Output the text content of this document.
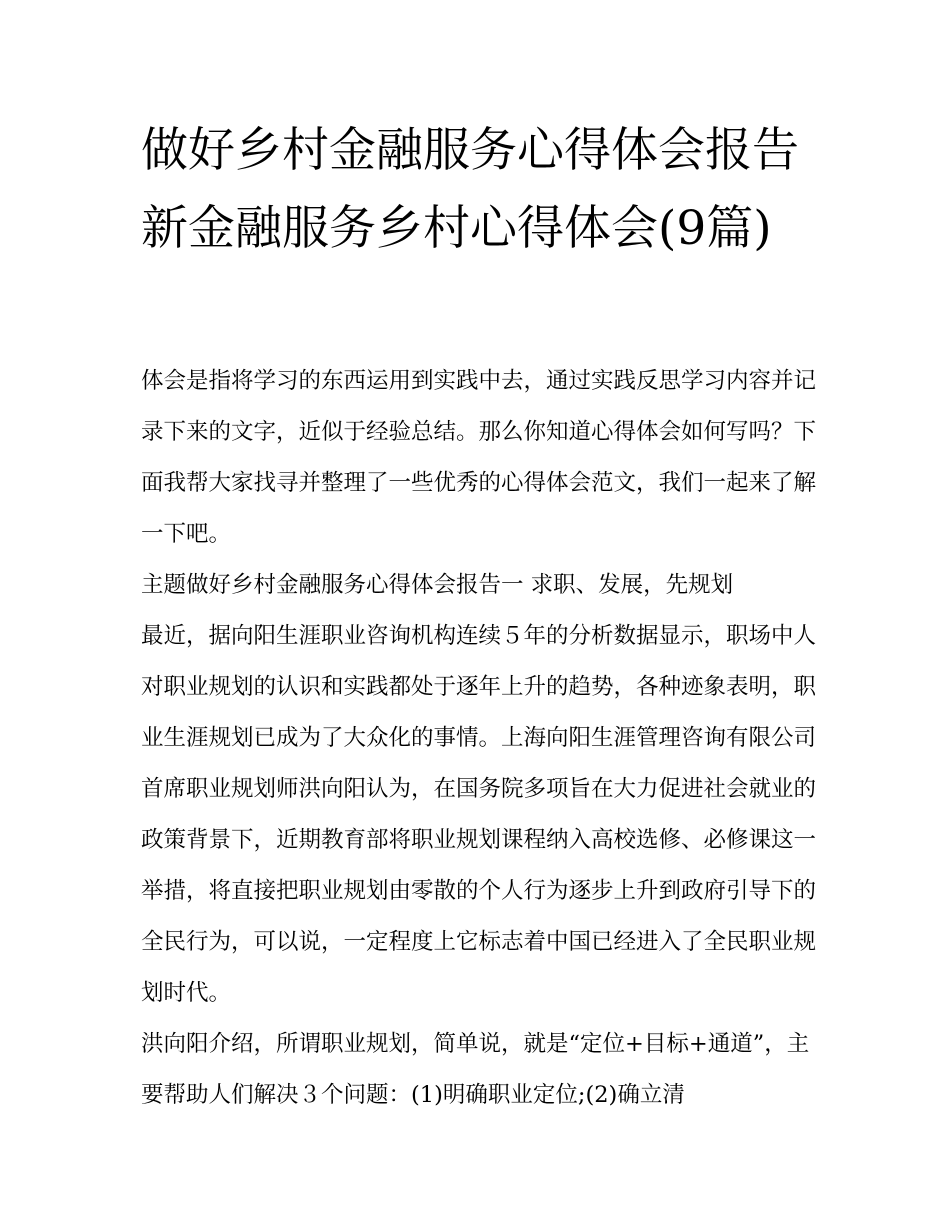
做好乡村金融服务心得体会报告 新金融服务乡村心得体会(9篇)

体会是指将学习的东西运用到实践中去，通过实践反思学习内容并记录下来的文字，近似于经验总结。那么你知道心得体会如何写吗？下面我帮大家找寻并整理了一些优秀的心得体会范文，我们一起来了解一下吧。

主题做好乡村金融服务心得体会报告一 求职、发展，先规划

最近，据向阳生涯职业咨询机构连续５年的分析数据显示，职场中人对职业规划的认识和实践都处于逐年上升的趋势，各种迹象表明，职业生涯规划已成为了大众化的事情。上海向阳生涯管理咨询有限公司首席职业规划师洪向阳认为，在国务院多项旨在大力促进社会就业的政策背景下，近期教育部将职业规划课程纳入高校选修、必修课这一举措，将直接把职业规划由零散的个人行为逐步上升到政府引导下的全民行为，可以说，一定程度上它标志着中国已经进入了全民职业规划时代。

洪向阳介绍，所谓职业规划，简单说，就是“定位+目标+通道”，主要帮助人们解决３个问题：(1)明确职业定位;(2)确立清
